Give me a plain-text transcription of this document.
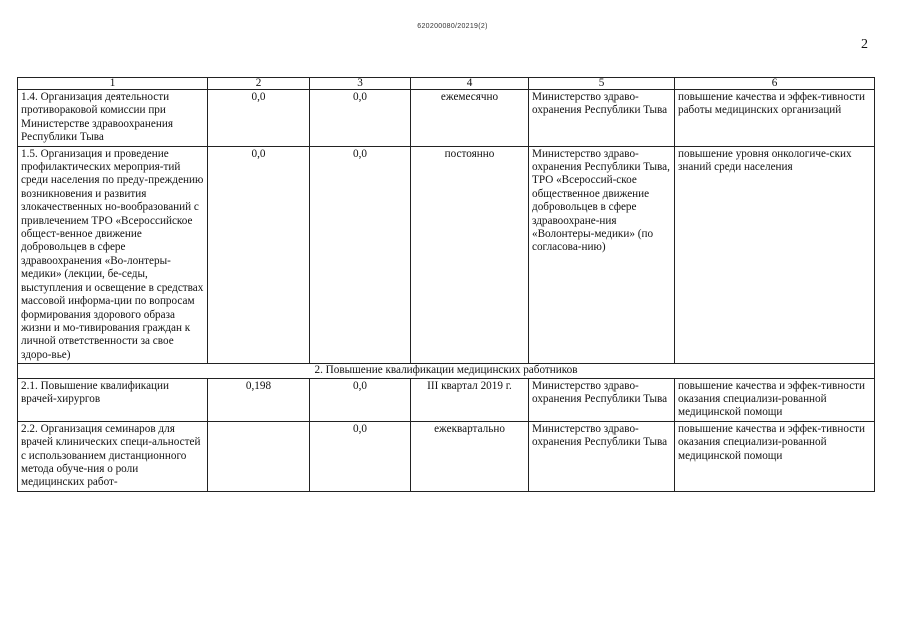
620200080/20219(2)
2
1	2	3	4	5	6
1.4. Организация деятельности противораковой комиссии при Министерстве здравоохранения Республики Тыва	0,0	0,0	ежемесячно	Министерство здраво-охранения Республики Тыва	повышение качества и эффек-тивности работы медицинских организаций
1.5. Организация и проведение профилактических мероприя-тий среди населения по преду-преждению возникновения и развития злокачественных но-вообразований с привлечением ТРО «Всероссийское общест-венное движение добровольцев в сфере здравоохранения «Во-лонтеры-медики» (лекции, бе-седы, выступления и освещение в средствах массовой информа-ции по вопросам формирования здорового образа жизни и мо-тивирования граждан к личной ответственности за свое здоро-вье)	0,0	0,0	постоянно	Министерство здраво-охранения Республики Тыва, ТРО «Всероссий-ское общественное движение добровольцев в сфере здравоохране-ния «Волонтеры-медики» (по согласова-нию)	повышение уровня онкологиче-ских знаний среди населения
2. Повышение квалификации медицинских работников					
2.1. Повышение квалификации врачей-хирургов	0,198	0,0	III квартал 2019 г.	Министерство здраво-охранения Республики Тыва	повышение качества и эффек-тивности оказания специализи-рованной медицинской помощи
2.2. Организация семинаров для врачей клинических специ-альностей с использованием дистанционного метода обуче-ния о роли медицинских работ-		0,0	ежеквартально	Министерство здраво-охранения Республики Тыва	повышение качества и эффек-тивности оказания специализи-рованной медицинской помощи
